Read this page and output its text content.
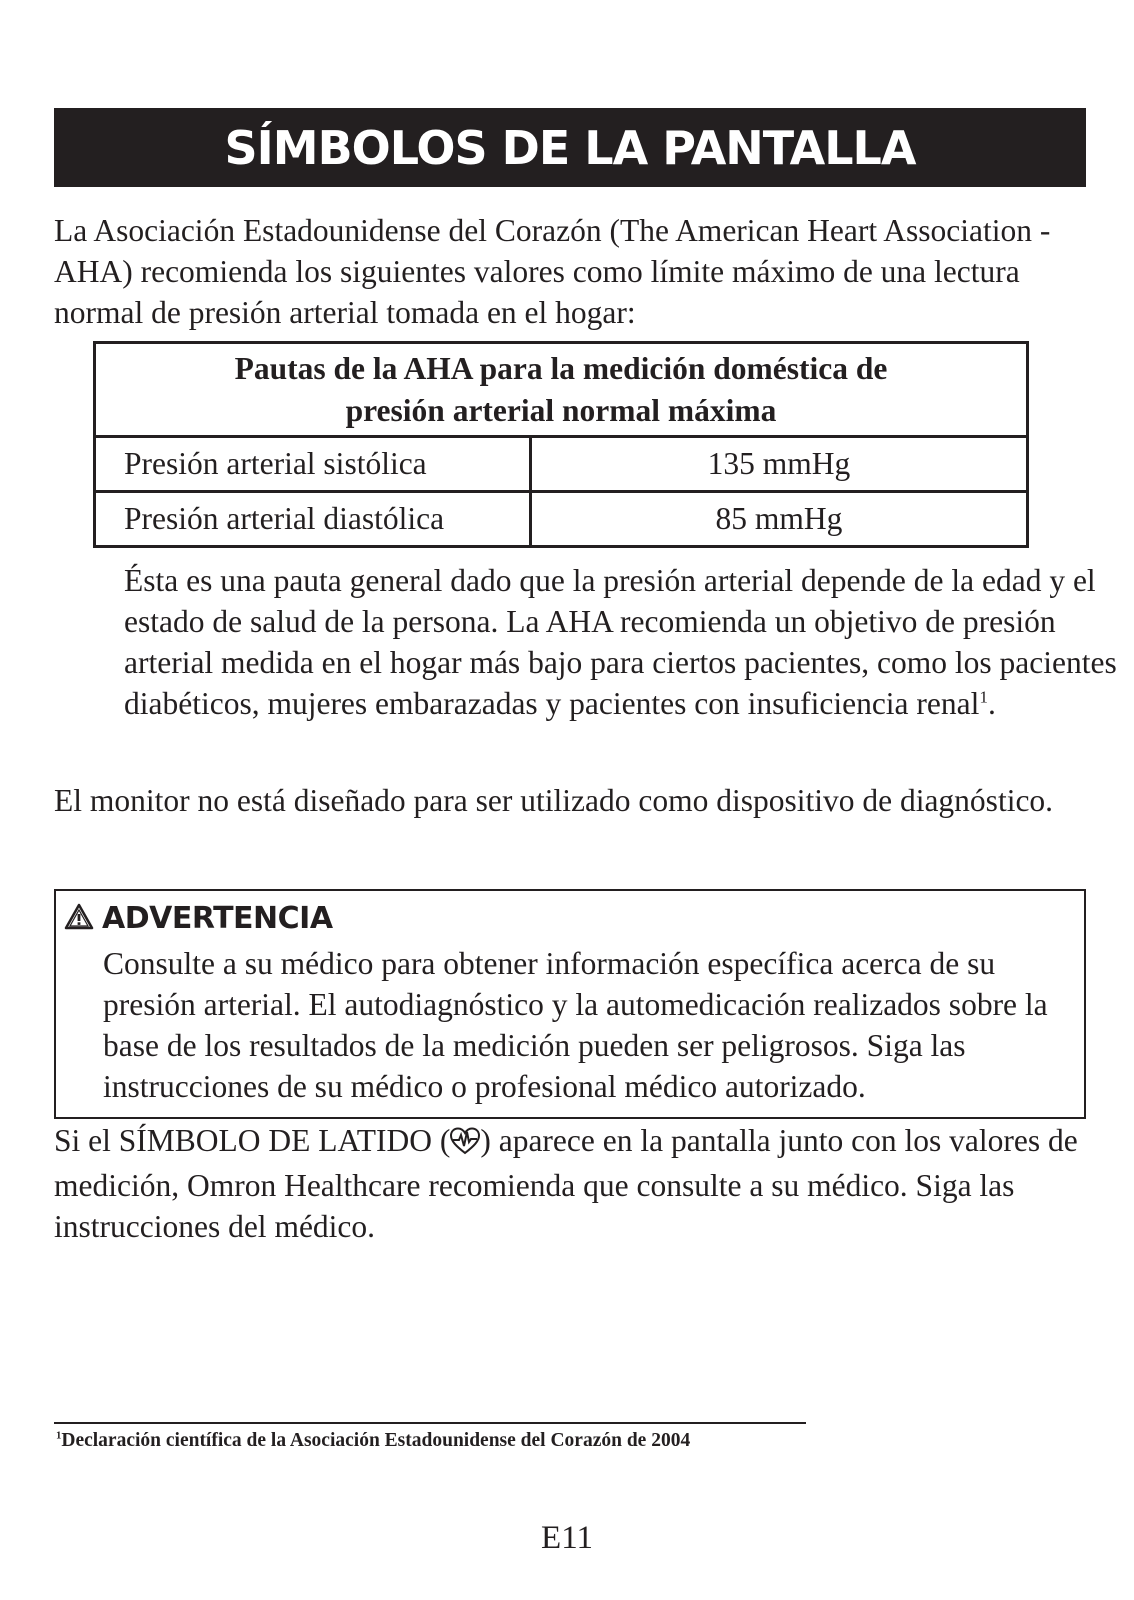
SÍMBOLOS DE LA PANTALLA

La Asociación Estadounidense del Corazón (The American Heart Association - AHA) recomienda los siguientes valores como límite máximo de una lectura normal de presión arterial tomada en el hogar:

Pautas de la AHA para la medición doméstica de
presión arterial normal máxima	
Presión arterial sistólica	135 mmHg
Presión arterial diastólica	85 mmHg

Ésta es una pauta general dado que la presión arterial depende de la edad y el estado de salud de la persona. La AHA recomienda un objetivo de presión arterial medida en el hogar más bajo para ciertos pacientes, como los pacientes diabéticos, mujeres embarazadas y pacientes con insuficiencia renal$^1$.

El monitor no está diseñado para ser utilizado como dispositivo de diagnóstico.

ADVERTENCIA

Consulte a su médico para obtener información específica acerca de su presión arterial. El autodiagnóstico y la automedicación realizados sobre la base de los resultados de la medición pueden ser peligrosos. Siga las instrucciones de su médico o profesional médico autorizado.

Si el SÍMBOLO DE LATIDO ( ) aparece en la pantalla junto con los valores de medición, Omron Healthcare recomienda que consulte a su médico. Siga las instrucciones del médico.

$^1$Declaración científica de la Asociación Estadounidense del Corazón de 2004

E11
